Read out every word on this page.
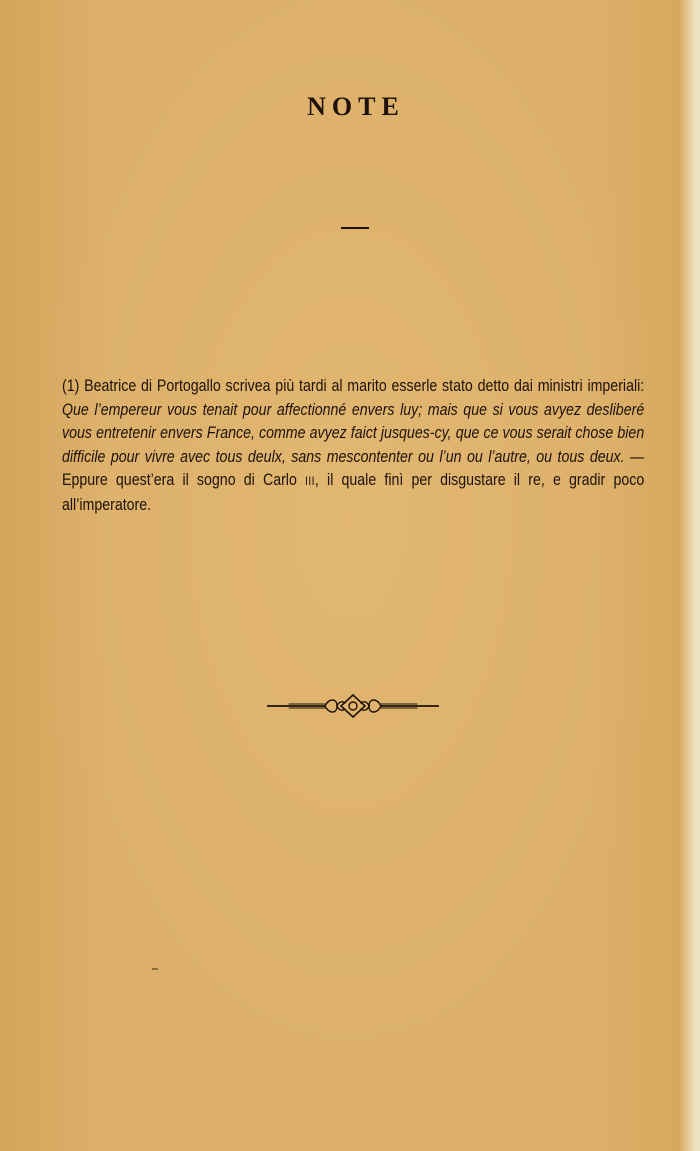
NOTE
(1) Beatrice di Portogallo scrivea più tardi al marito esserle stato detto dai ministri imperiali: Que l’empereur vous tenait pour affectionné envers luy; mais que si vous avyez desliberé vous entretenir envers France, comme avyez faict jusques-cy, que ce vous serait chose bien difficile pour vivre avec tous deulx, sans mescontenter ou l’un ou l’autre, ou tous deux. — Eppure quest’era il sogno di Carlo III, il quale finì per disgustare il re, e gradir poco all’imperatore.
